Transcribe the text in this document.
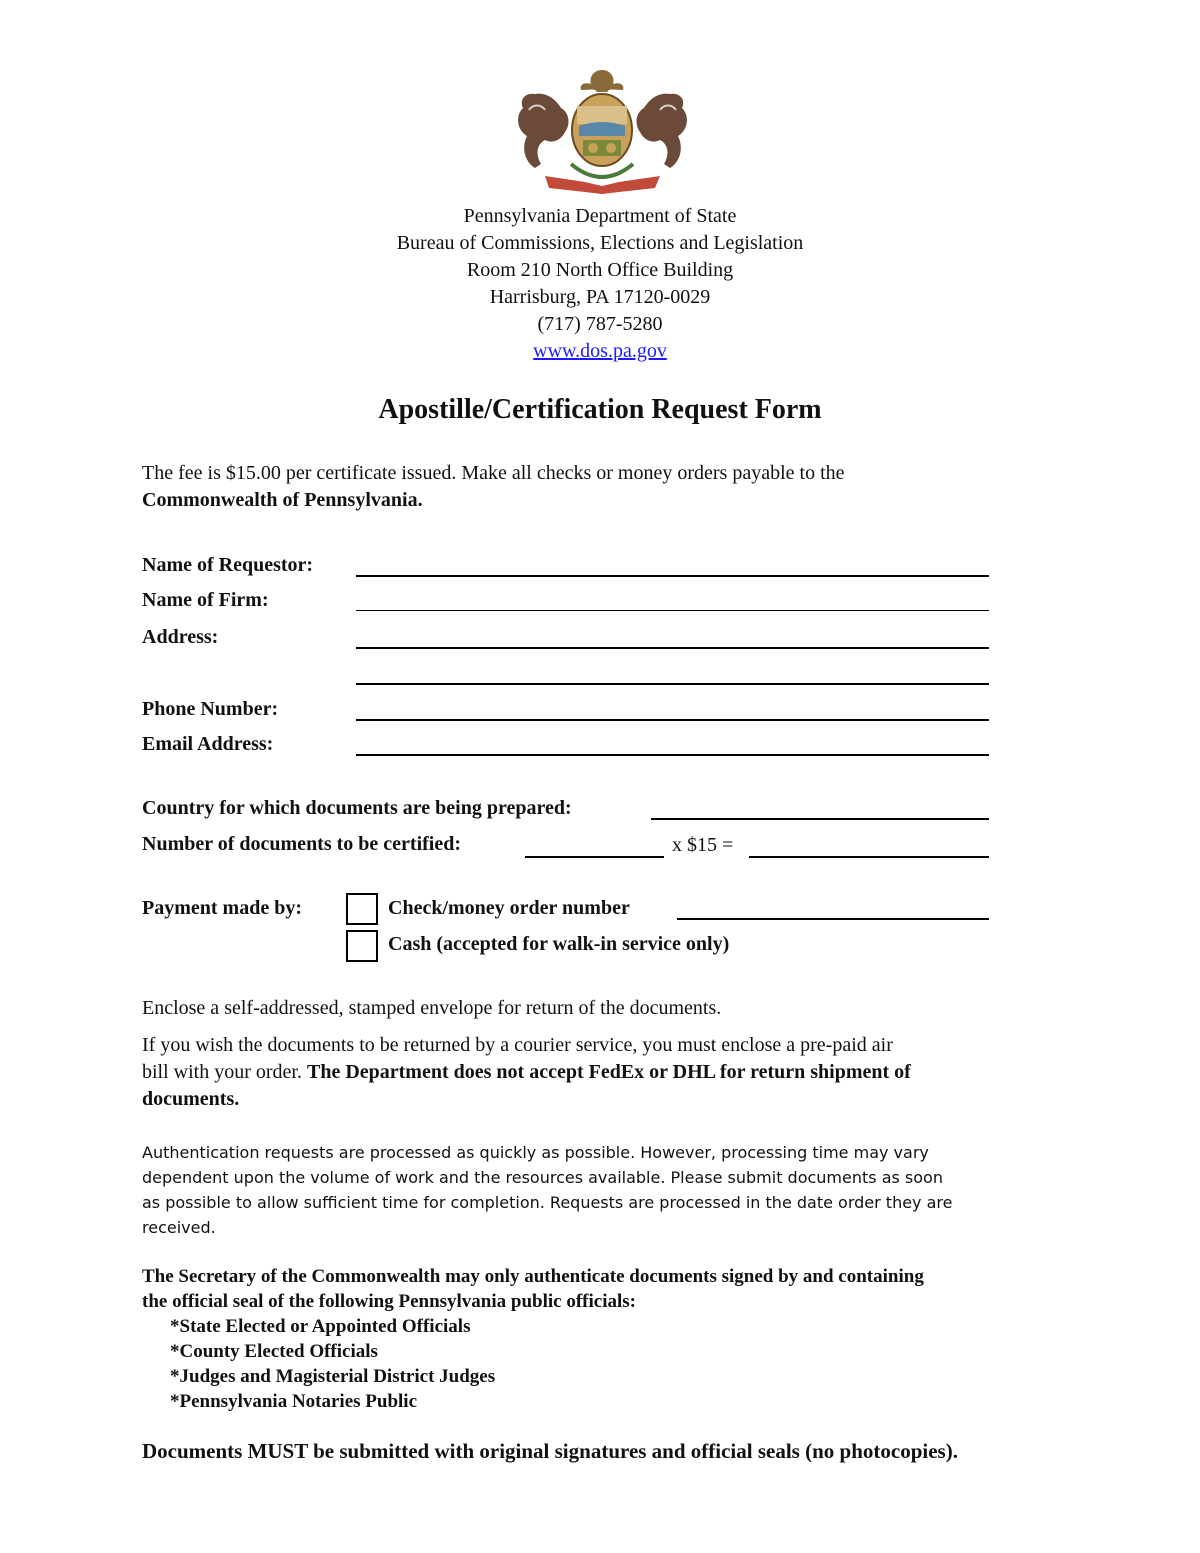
Pennsylvania Department of State
Bureau of Commissions, Elections and Legislation
Room 210 North Office Building
Harrisburg, PA 17120-0029
(717) 787-5280
www.dos.pa.gov
Apostille/Certification Request Form
The fee is $15.00 per certificate issued. Make all checks or money orders payable to the
Commonwealth of Pennsylvania.
Name of Requestor:
Name of Firm:
Address:
Phone Number:
Email Address:
Country for which documents are being prepared:
Number of documents to be certified:	x $15 =
Payment made by:	Check/money order number
Cash (accepted for walk-in service only)
Enclose a self-addressed, stamped envelope for return of the documents.
If you wish the documents to be returned by a courier service, you must enclose a pre-paid air
bill with your order. The Department does not accept FedEx or DHL for return shipment of
documents.
Authentication requests are processed as quickly as possible. However, processing time may vary
dependent upon the volume of work and the resources available. Please submit documents as soon
as possible to allow sufficient time for completion. Requests are processed in the date order they are
received.
The Secretary of the Commonwealth may only authenticate documents signed by and containing
the official seal of the following Pennsylvania public officials:
*State Elected or Appointed Officials
*County Elected Officials
*Judges and Magisterial District Judges
*Pennsylvania Notaries Public
Documents MUST be submitted with original signatures and official seals (no photocopies).
